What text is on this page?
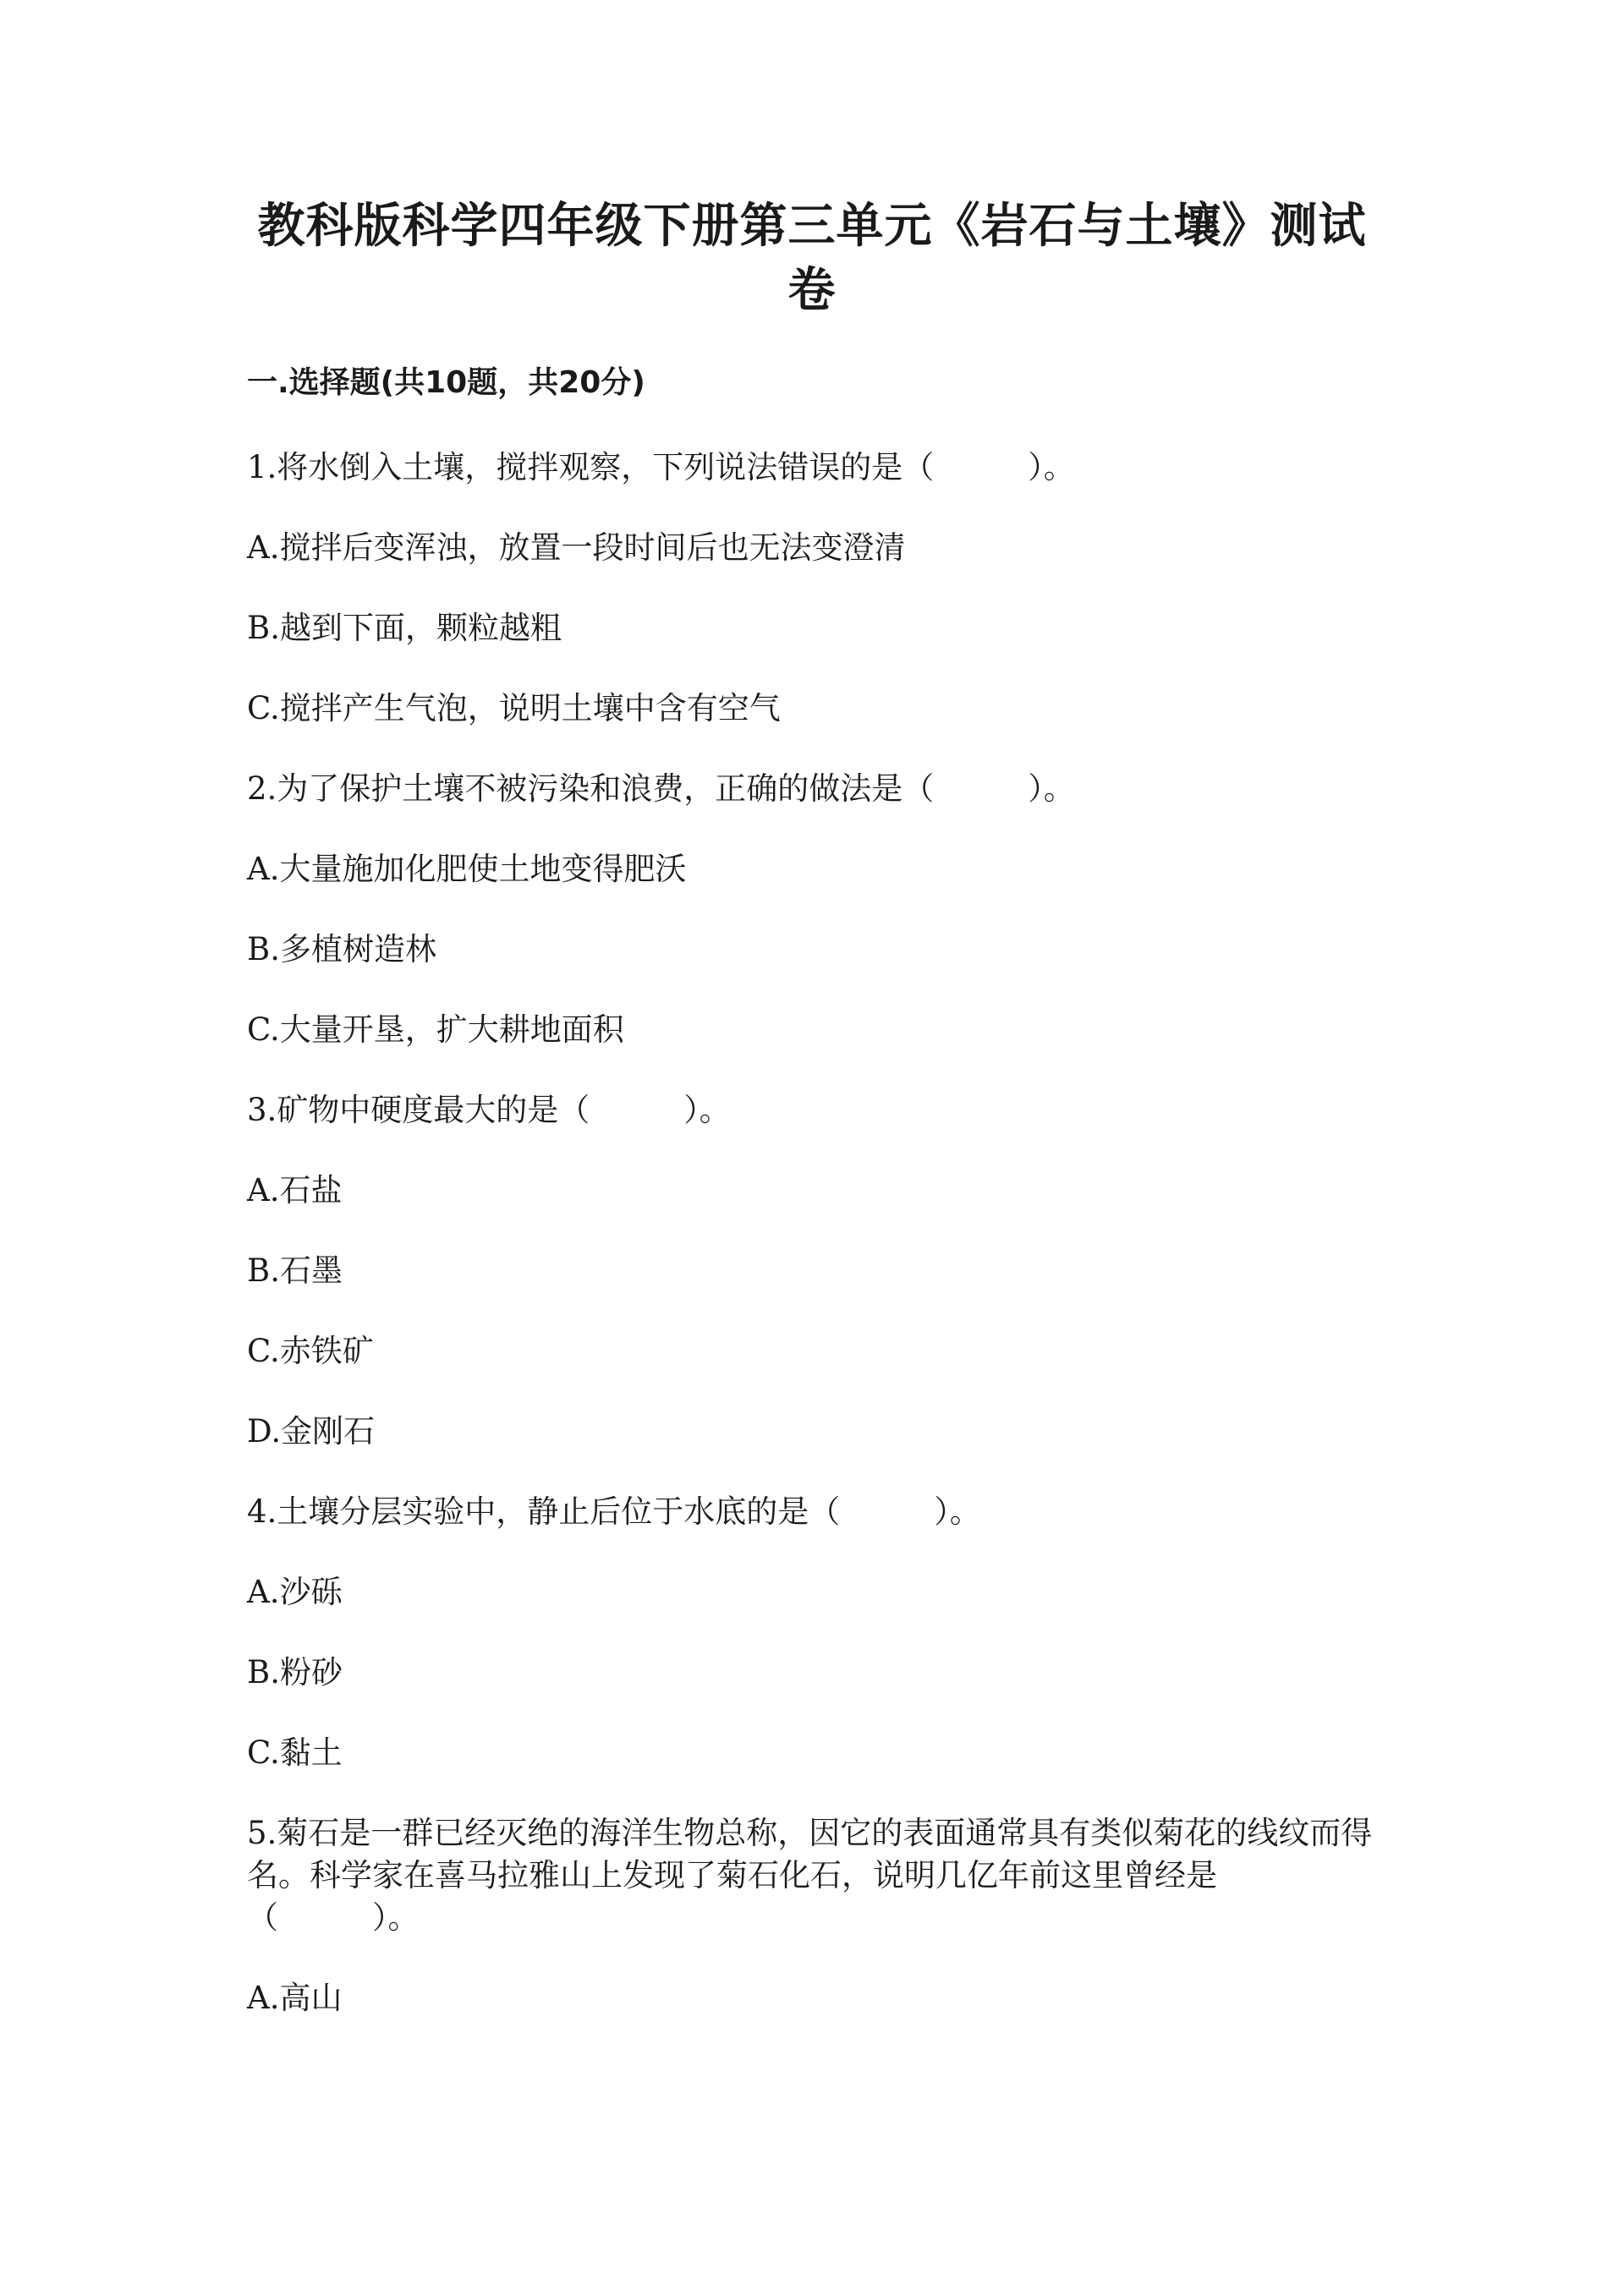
教科版科学四年级下册第三单元《岩石与土壤》测试卷
一.选择题(共10题，共20分)

1.将水倒入土壤，搅拌观察，下列说法错误的是（　　　）。

A.搅拌后变浑浊，放置一段时间后也无法变澄清

B.越到下面，颗粒越粗

C.搅拌产生气泡，说明土壤中含有空气

2.为了保护土壤不被污染和浪费，正确的做法是（　　　）。

A.大量施加化肥使土地变得肥沃

B.多植树造林

C.大量开垦，扩大耕地面积

3.矿物中硬度最大的是（　　　）。

A.石盐

B.石墨

C.赤铁矿

D.金刚石

4.土壤分层实验中，静止后位于水底的是（　　　）。

A.沙砾

B.粉砂

C.黏土

5.菊石是一群已经灭绝的海洋生物总称，因它的表面通常具有类似菊花的线纹而得名。科学家在喜马拉雅山上发现了菊石化石，说明几亿年前这里曾经是（　　　）。

A.高山
